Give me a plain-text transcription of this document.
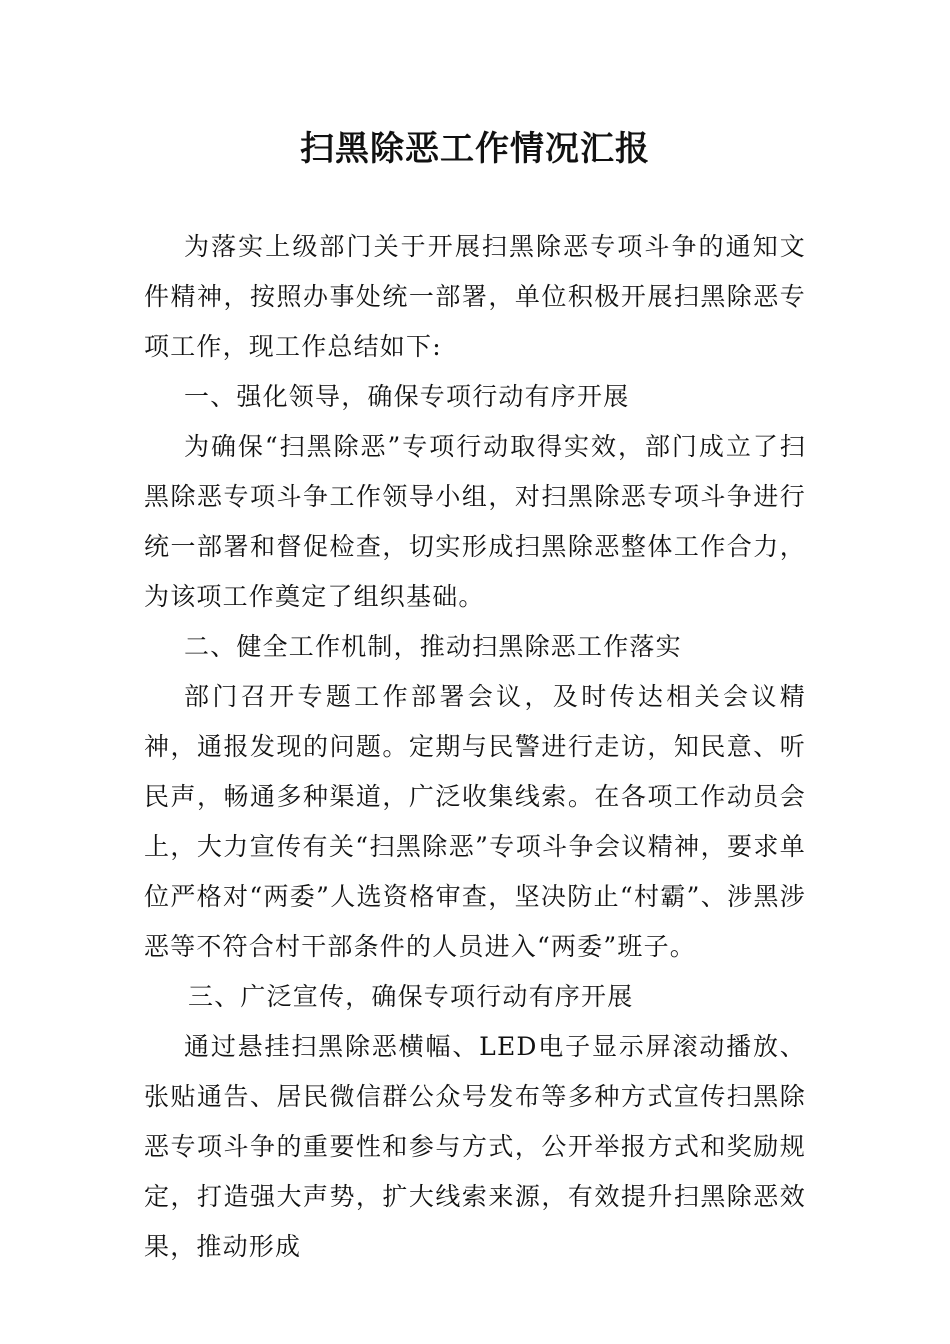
扫黑除恶工作情况汇报

为落实上级部门关于开展扫黑除恶专项斗争的通知文件精神，按照办事处统一部署，单位积极开展扫黑除恶专项工作，现工作总结如下:

一、强化领导，确保专项行动有序开展

为确保“扫黑除恶”专项行动取得实效，部门成立了扫黑除恶专项斗争工作领导小组，对扫黑除恶专项斗争进行统一部署和督促检查，切实形成扫黑除恶整体工作合力，为该项工作奠定了组织基础。

二、健全工作机制，推动扫黑除恶工作落实

部门召开专题工作部署会议，及时传达相关会议精神，通报发现的问题。定期与民警进行走访，知民意、听民声，畅通多种渠道，广泛收集线索。在各项工作动员会上，大力宣传有关“扫黑除恶”专项斗争会议精神，要求单位严格对“两委”人选资格审查，坚决防止“村霸”、涉黑涉恶等不符合村干部条件的人员进入“两委”班子。

三、广泛宣传，确保专项行动有序开展

通过悬挂扫黑除恶横幅、LED电子显示屏滚动播放、张贴通告、居民微信群公众号发布等多种方式宣传扫黑除恶专项斗争的重要性和参与方式，公开举报方式和奖励规定，打造强大声势，扩大线索来源，有效提升扫黑除恶效果，推动形成
